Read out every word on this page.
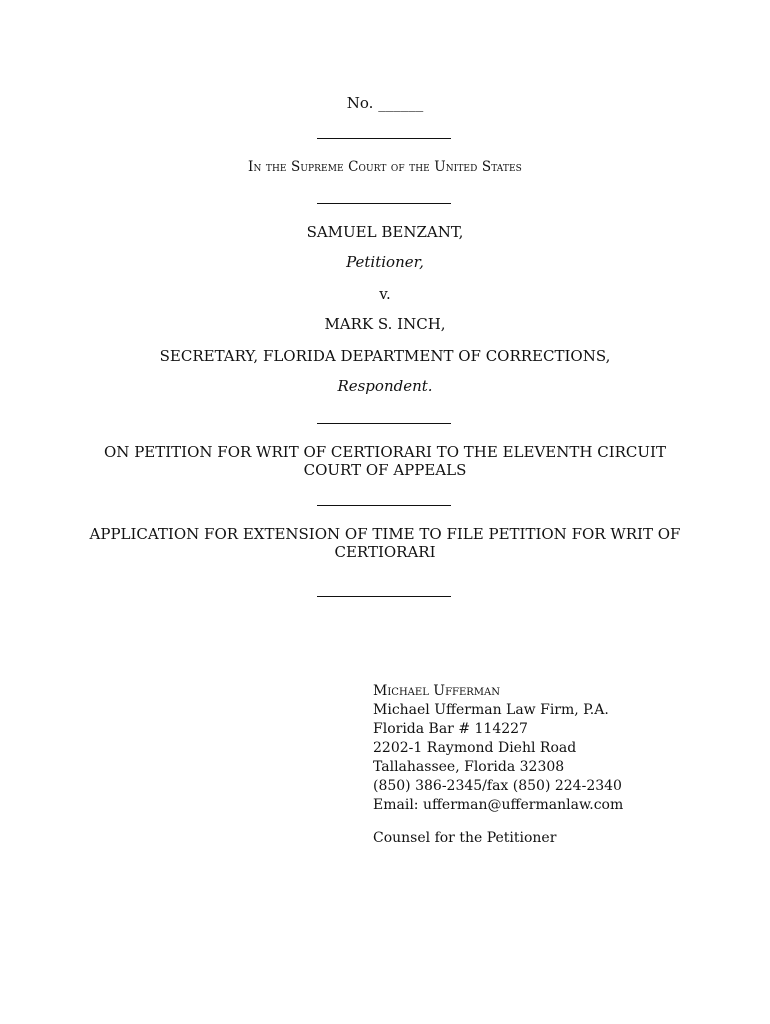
No. ______
In the Supreme Court of the United States
SAMUEL BENZANT,
Petitioner,
v.
MARK S. INCH,
SECRETARY, FLORIDA DEPARTMENT OF CORRECTIONS,
Respondent.
ON PETITION FOR WRIT OF CERTIORARI TO THE ELEVENTH CIRCUIT
COURT OF APPEALS
APPLICATION FOR EXTENSION OF TIME TO FILE PETITION FOR WRIT OF
CERTIORARI
Michael Ufferman
Michael Ufferman Law Firm, P.A.
Florida Bar # 114227
2202-1 Raymond Diehl Road
Tallahassee, Florida 32308
(850) 386-2345/fax (850) 224-2340
Email: ufferman@uffermanlaw.com
Counsel for the Petitioner
